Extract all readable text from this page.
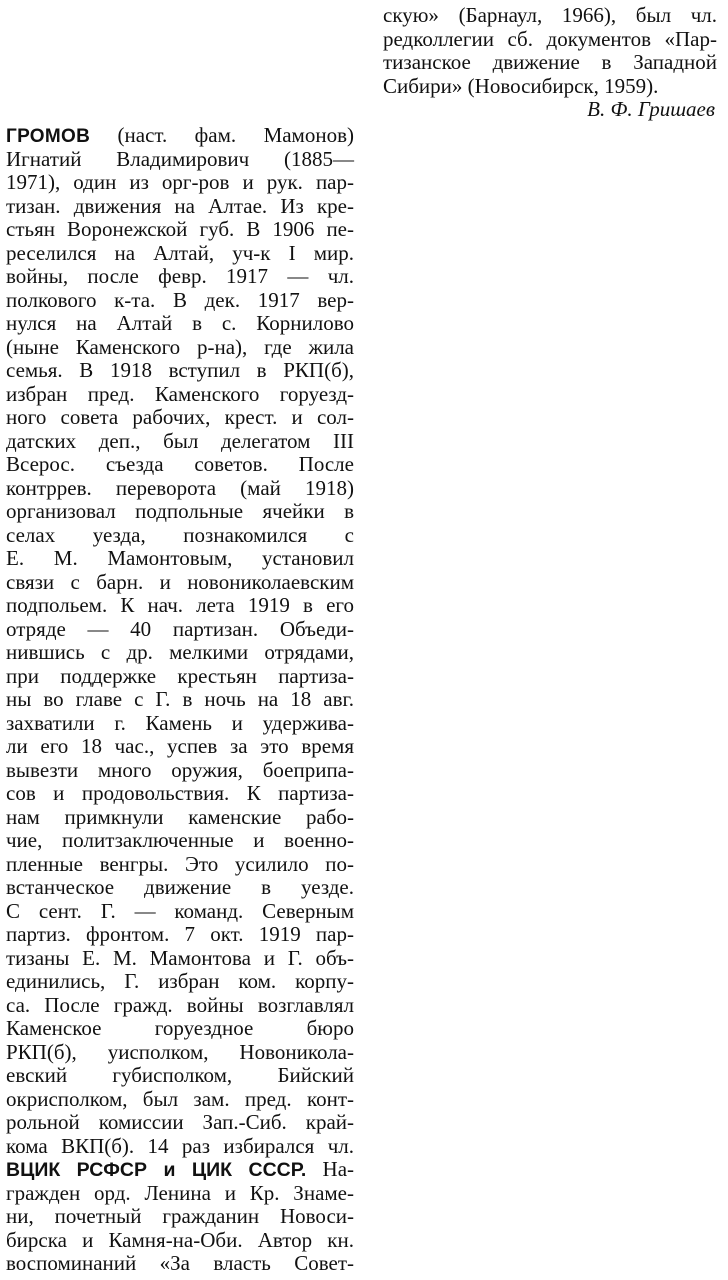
скую» (Барнаул, 1966), был чл.
редколлегии сб. документов «Пар-
тизанское движение в Западной
Сибири» (Новосибирск, 1959).
В. Ф. Гришаев
ГРОМОВ (наст. фам. Мамонов)
Игнатий Владимирович (1885—
1971), один из орг-ров и рук. пар-
тизан. движения на Алтае. Из кре-
стьян Воронежской губ. В 1906 пе-
реселился на Алтай, уч-к I мир.
войны, после февр. 1917 — чл.
полкового к-та. В дек. 1917 вер-
нулся на Алтай в с. Корнилово
(ныне Каменского р-на), где жила
семья. В 1918 вступил в РКП(б),
избран пред. Каменского горуезд-
ного совета рабочих, крест. и сол-
датских деп., был делегатом III
Всерос. съезда советов. После
контррев. переворота (май 1918)
организовал подпольные ячейки в
селах уезда, познакомился с
Е. М. Мамонтовым, установил
связи с барн. и новониколаевским
подпольем. К нач. лета 1919 в его
отряде — 40 партизан. Объеди-
нившись с др. мелкими отрядами,
при поддержке крестьян партиза-
ны во главе с Г. в ночь на 18 авг.
захватили г. Камень и удержива-
ли его 18 час., успев за это время
вывезти много оружия, боеприпа-
сов и продовольствия. К партиза-
нам примкнули каменские рабо-
чие, политзаключенные и военно-
пленные венгры. Это усилило по-
встанческое движение в уезде.
С сент. Г. — команд. Северным
партиз. фронтом. 7 окт. 1919 пар-
тизаны Е. М. Мамонтова и Г. объ-
единились, Г. избран ком. корпу-
са. После гражд. войны возглавлял
Каменское горуездное бюро
РКП(б), уисполком, Новоникола-
евский губисполком, Бийский
окрисполком, был зам. пред. конт-
рольной комиссии Зап.-Сиб. край-
кома ВКП(б). 14 раз избирался чл.
ВЦИК РСФСР и ЦИК СССР. На-
гражден орд. Ленина и Кр. Знаме-
ни, почетный гражданин Новоси-
бирска и Камня-на-Оби. Автор кн.
воспоминаний «За власть Совет-
